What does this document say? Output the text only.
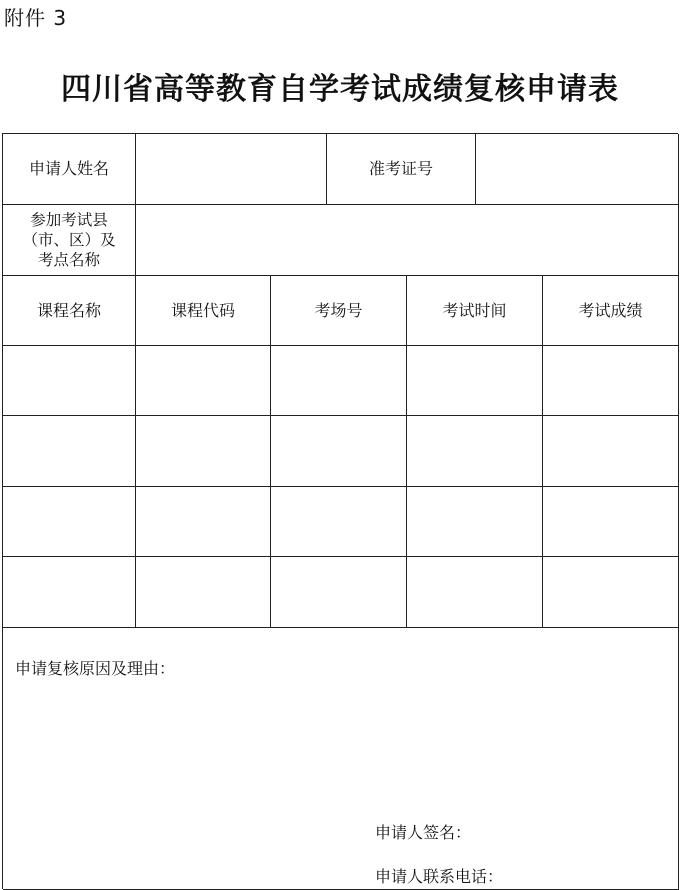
附件 3
四川省高等教育自学考试成绩复核申请表
申请人姓名	准考证号
参加考试县
（市、区）及
考点名称
课程名称	课程代码	考场号	考试时间	考试成绩
申请复核原因及理由：
申请人签名：
申请人联系电话：
